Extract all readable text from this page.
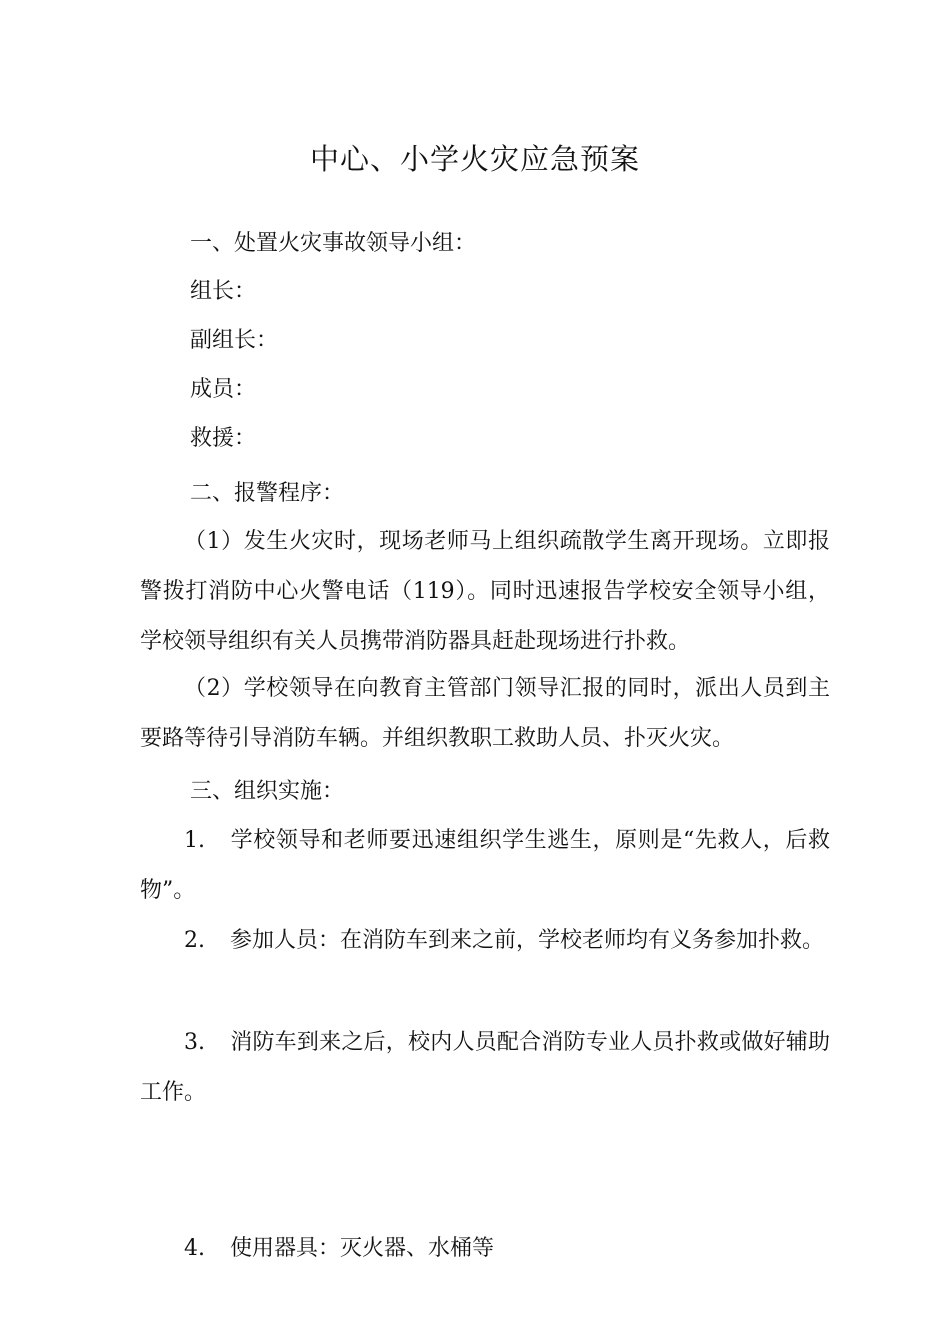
中心、小学火灾应急预案
一、处置火灾事故领导小组：
组长：
副组长：
成员：
救援：
二、报警程序：

（1）发生火灾时，现场老师马上组织疏散学生离开现场。立即报警拨打消防中心火警电话（119）。同时迅速报告学校安全领导小组，学校领导组织有关人员携带消防器具赶赴现场进行扑救。

（2）学校领导在向教育主管部门领导汇报的同时，派出人员到主要路等待引导消防车辆。并组织教职工救助人员、扑灭火灾。

三、组织实施：

1. 学校领导和老师要迅速组织学生逃生，原则是“先救人，后救物”。

2. 参加人员：在消防车到来之前，学校老师均有义务参加扑救。

3. 消防车到来之后，校内人员配合消防专业人员扑救或做好辅助工作。

4. 使用器具：灭火器、水桶等
